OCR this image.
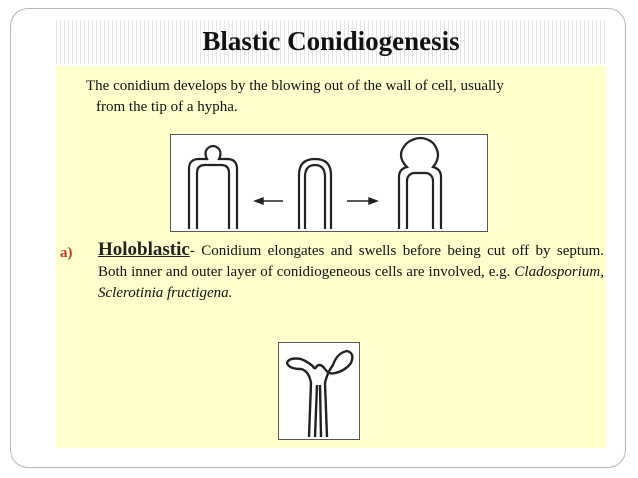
Blastic Conidiogenesis
The conidium develops by the blowing out of the wall of cell, usually
from the tip of a hypha.
a) Holoblastic- Conidium elongates and swells before being cut off by septum. Both inner and outer layer of conidiogeneous cells are involved, e.g. Cladosporium, Sclerotinia fructigena.
